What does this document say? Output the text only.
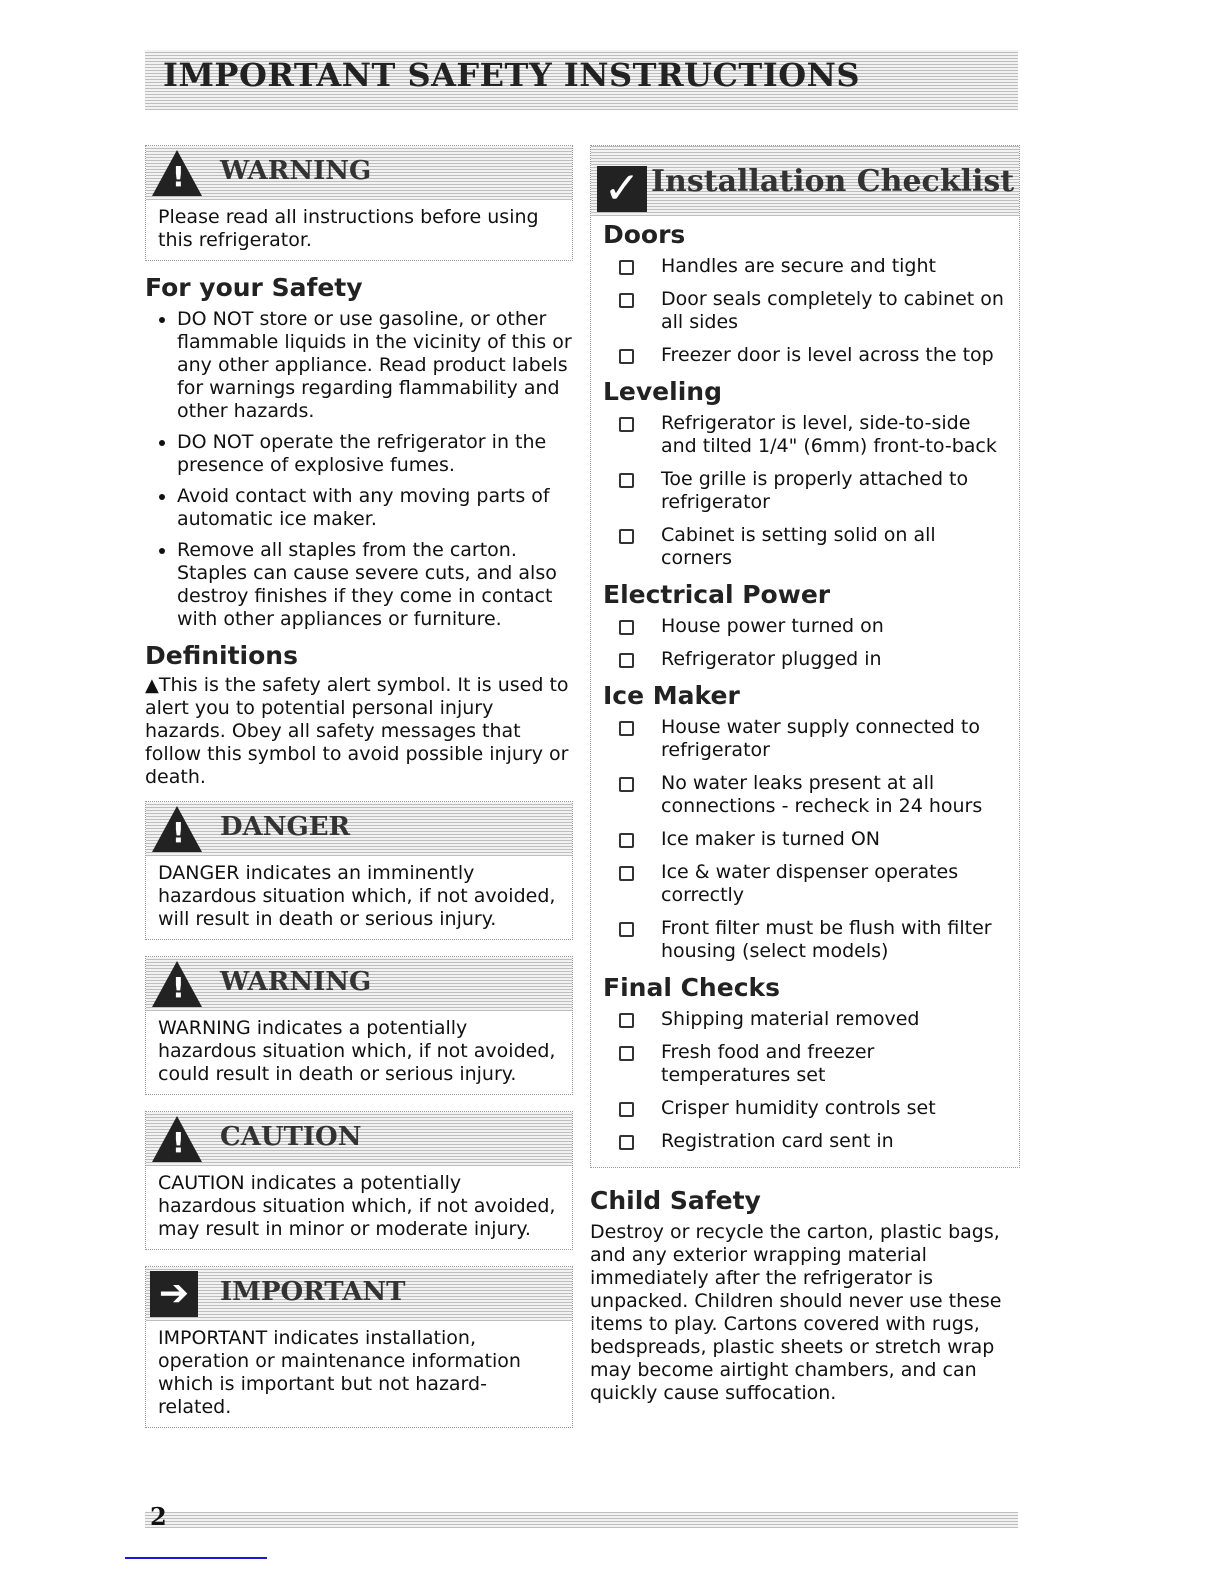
IMPORTANT SAFETY INSTRUCTIONS
!
WARNING
Please read all instructions before using this refrigerator.
For your Safety
• DO NOT store or use gasoline, or other flammable liquids in the vicinity of this or any other appliance. Read product labels for warnings regarding flammability and other hazards.
• DO NOT operate the refrigerator in the presence of explosive fumes.
• Avoid contact with any moving parts of automatic ice maker.
• Remove all staples from the carton. Staples can cause severe cuts, and also destroy finishes if they come in contact with other appliances or furniture.
Definitions

▲This is the safety alert symbol. It is used to alert you to potential personal injury hazards. Obey all safety messages that follow this symbol to avoid possible injury or death.

!
DANGER
DANGER indicates an imminently hazardous situation which, if not avoided, will result in death or serious injury.
!
WARNING
WARNING indicates a potentially hazardous situation which, if not avoided, could result in death or serious injury.
!
CAUTION
CAUTION indicates a potentially hazardous situation which, if not avoided, may result in minor or moderate injury.
➔	IMPORTANT
IMPORTANT indicates installation, operation or maintenance information which is important but not hazard-related.
✓ Installation Checklist
Doors
Handles are secure and tight
Door seals completely to cabinet on all sides
Freezer door is level across the top
Leveling
Refrigerator is level, side-to-side and tilted 1/4" (6mm) front-to-back
Toe grille is properly attached to refrigerator
Cabinet is setting solid on all corners
Electrical Power
House power turned on
Refrigerator plugged in
Ice Maker
House water supply connected to refrigerator
No water leaks present at all connections - recheck in 24 hours
Ice maker is turned ON
Ice & water dispenser operates correctly
Front filter must be flush with filter housing (select models)
Final Checks
Shipping material removed
Fresh food and freezer temperatures set
Crisper humidity controls set
Registration card sent in
Child Safety

Destroy or recycle the carton, plastic bags, and any exterior wrapping material immediately after the refrigerator is unpacked. Children should never use these items to play. Cartons covered with rugs, bedspreads, plastic sheets or stretch wrap may become airtight chambers, and can quickly cause suffocation.

2
